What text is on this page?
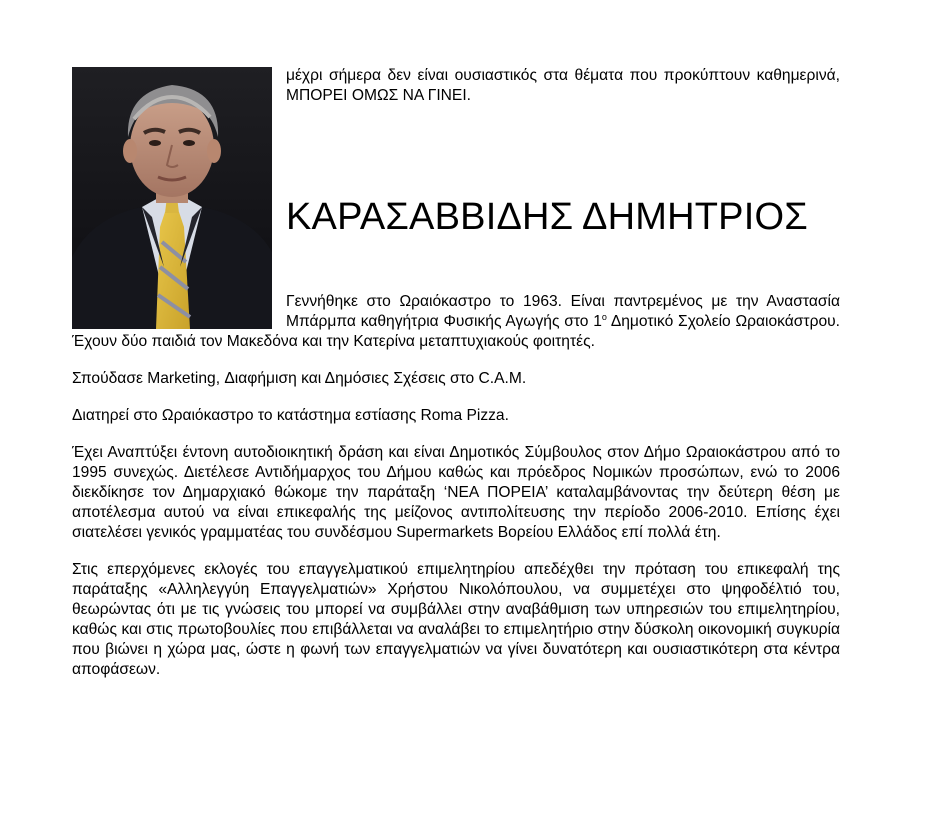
μέχρι σήμερα δεν είναι ουσιαστικός στα θέματα που προκύπτουν καθημερινά, ΜΠΟΡΕΙ ΟΜΩΣ ΝΑ ΓΙΝΕΙ.
ΚΑΡΑΣΑΒΒΙΔΗΣ ΔΗΜΗΤΡΙΟΣ

Γεννήθηκε στο Ωραιόκαστρο το 1963. Είναι παντρεμένος με την Αναστασία Μπάρμπα καθηγήτρια Φυσικής Αγωγής στο $1^o$ Δημοτικό Σχολείο Ωραιοκάστρου. Έχουν δύο παιδιά τον Μακεδόνα και την Κατερίνα μεταπτυχιακούς φοιτητές.

Σπούδασε Marketing, Διαφήμιση και Δημόσιες Σχέσεις στο C.A.M.

Διατηρεί στο Ωραιόκαστρο το κατάστημα εστίασης Roma Pizza.

Έχει Αναπτύξει έντονη αυτοδιοικητική δράση και είναι Δημοτικός Σύμβουλος στον Δήμο Ωραιοκάστρου από το 1995 συνεχώς. Διετέλεσε Αντιδήμαρχος του Δήμου καθώς και πρόεδρος Νομικών προσώπων, ενώ το 2006 διεκδίκησε τον Δημαρχιακό θώκομε την παράταξη ‘ΝΕΑ ΠΟΡΕΙΑ’ καταλαμβάνοντας την δεύτερη θέση με αποτέλεσμα αυτού να είναι επικεφαλής της μείζονος αντιπολίτευσης την περίοδο 2006-2010. Επίσης έχει σιατελέσει γενικός γραμματέας του συνδέσμου Supermarkets Βορείου Ελλάδος επί πολλά έτη.

Στις επερχόμενες εκλογές του επαγγελματικού επιμελητηρίου απεδέχθει την πρόταση του επικεφαλή της παράταξης «Αλληλεγγύη Επαγγελματιών» Χρήστου Νικολόπουλου, να συμμετέχει στο ψηφοδέλτιό του, θεωρώντας ότι με τις γνώσεις του μπορεί να συμβάλλει στην αναβάθμιση των υπηρεσιών του επιμελητηρίου, καθώς και στις πρωτοβουλίες που επιβάλλεται να αναλάβει το επιμελητήριο στην δύσκολη οικονομική συγκυρία που βιώνει η χώρα μας, ώστε η φωνή των επαγγελματιών να γίνει δυνατότερη και ουσιαστικότερη στα κέντρα αποφάσεων.
